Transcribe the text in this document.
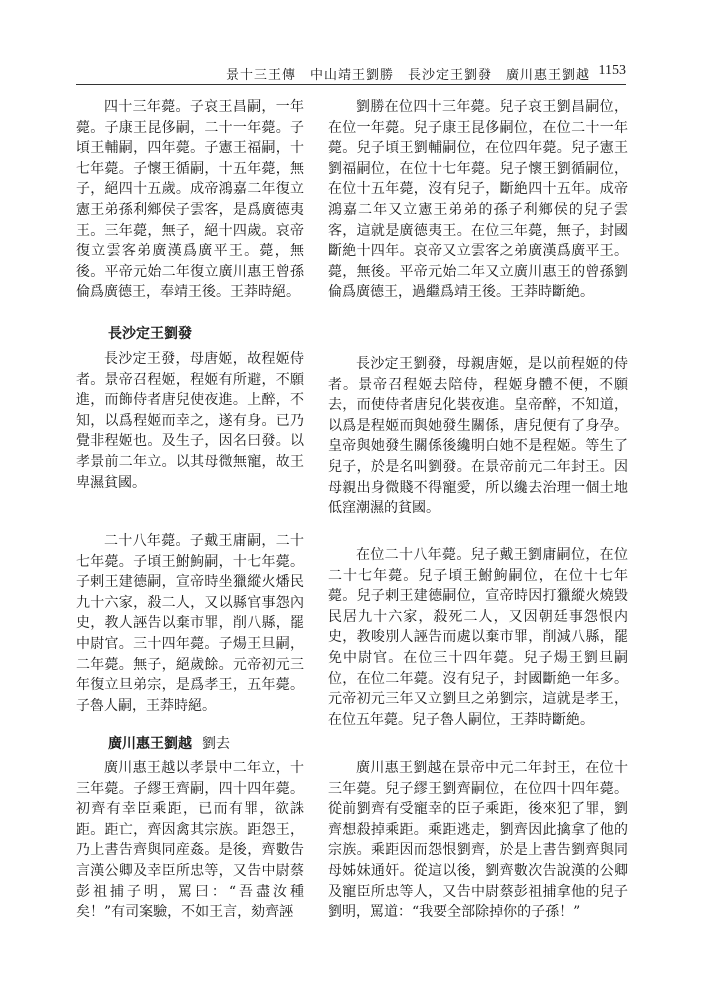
景十三王傳　中山靖王劉勝　長沙定王劉發　廣川惠王劉越 1153
四十三年薨。子哀王昌嗣，一年薨。子康王昆侈嗣，二十一年薨。子頃王輔嗣，四年薨。子憲王福嗣，十七年薨。子懷王循嗣，十五年薨，無子，絕四十五歲。成帝鴻嘉二年復立憲王弟孫利鄉侯子雲客，是爲廣德夷王。三年薨，無子，絕十四歲。哀帝復立雲客弟廣漢爲廣平王。薨，無後。平帝元始二年復立廣川惠王曾孫倫爲廣德王，奉靖王後。王莽時絕。
長沙定王劉發
長沙定王發，母唐姬，故程姬侍者。景帝召程姬，程姬有所避，不願進，而飾侍者唐兒使夜進。上醉，不知，以爲程姬而幸之，遂有身。已乃覺非程姬也。及生子，因名曰發。以孝景前二年立。以其母微無寵，故王卑濕貧國。
二十八年薨。子戴王庸嗣，二十七年薨。子頃王鮒鮈嗣，十七年薨。子剌王建德嗣，宣帝時坐獵縱火燔民九十六家，殺二人，又以縣官事怨內史，教人誣告以棄市罪，削八縣，罷中尉官。三十四年薨。子煬王旦嗣，二年薨。無子，絕歲餘。元帝初元三年復立旦弟宗，是爲孝王，五年薨。子魯人嗣，王莽時絕。
廣川惠王劉越 劉去
廣川惠王越以孝景中二年立，十三年薨。子繆王齊嗣，四十四年薨。初齊有幸臣乘距，已而有罪，欲誅距。距亡，齊因禽其宗族。距怨王，乃上書告齊與同産姦。是後，齊數告言漢公卿及幸臣所忠等，又告中尉蔡彭祖捕子明，罵曰：“吾盡汝種矣！”有司案驗，不如王言，劾齊誣
劉勝在位四十三年薨。兒子哀王劉昌嗣位，在位一年薨。兒子康王昆侈嗣位，在位二十一年薨。兒子頃王劉輔嗣位，在位四年薨。兒子憲王劉福嗣位，在位十七年薨。兒子懷王劉循嗣位，在位十五年薨，沒有兒子，斷絶四十五年。成帝鴻嘉二年又立憲王弟弟的孫子利鄉侯的兒子雲客，這就是廣德夷王。在位三年薨，無子，封國斷絶十四年。哀帝又立雲客之弟廣漢爲廣平王。薨，無後。平帝元始二年又立廣川惠王的曾孫劉倫爲廣德王，過繼爲靖王後。王莽時斷絶。
長沙定王劉發，母親唐姬，是以前程姬的侍者。景帝召程姬去陪侍，程姬身體不便，不願去，而使侍者唐兒化裝夜進。皇帝醉，不知道，以爲是程姬而與她發生關係，唐兒便有了身孕。皇帝與她發生關係後纔明白她不是程姬。等生了兒子，於是名叫劉發。在景帝前元二年封王。因母親出身微賤不得寵愛，所以纔去治理一個土地低窪潮濕的貧國。
在位二十八年薨。兒子戴王劉庸嗣位，在位二十七年薨。兒子頃王鮒鮈嗣位，在位十七年薨。兒子剌王建德嗣位，宣帝時因打獵縱火燒毀民居九十六家，殺死二人，又因朝廷事怨恨内史，教唆別人誣告而處以棄市罪，削減八縣，罷免中尉官。在位三十四年薨。兒子煬王劉旦嗣位，在位二年薨。沒有兒子，封國斷絶一年多。元帝初元三年又立劉旦之弟劉宗，這就是孝王，在位五年薨。兒子魯人嗣位，王莽時斷絶。
廣川惠王劉越在景帝中元二年封王，在位十三年薨。兒子繆王劉齊嗣位，在位四十四年薨。從前劉齊有受寵幸的臣子乘距，後來犯了罪，劉齊想殺掉乘距。乘距逃走，劉齊因此擒拿了他的宗族。乘距因而怨恨劉齊，於是上書告劉齊與同母姊妹通奸。從這以後，劉齊數次告說漢的公卿及寵臣所忠等人，又告中尉蔡彭祖捕拿他的兒子劉明，罵道：“我要全部除掉你的子孫！”
